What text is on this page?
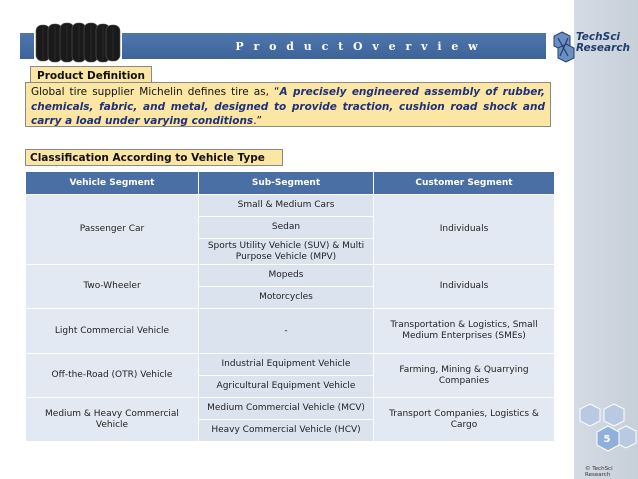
P r o d u c t O v e r v i e w
TechSci
Research
Product Definition
Global tire supplier Michelin defines tire as, “A precisely engineered assembly of rubber, chemicals, fabric, and metal, designed to provide traction, cushion road shock and carry a load under varying conditions.”
Classification According to Vehicle Type
Vehicle Segment	Sub-Segment	Customer Segment
Passenger Car	Small & Medium Cars	Individuals
	Sedan	
	Sports Utility Vehicle (SUV) & Multi Purpose Vehicle (MPV)	
Two-Wheeler	Mopeds	Individuals
	Motorcycles	
Light Commercial Vehicle	-	Transportation & Logistics, Small Medium Enterprises (SMEs)
Off-the-Road (OTR) Vehicle	Industrial Equipment Vehicle	Farming, Mining & Quarrying Companies
	Agricultural Equipment Vehicle	
Medium & Heavy Commercial Vehicle	Medium Commercial Vehicle (MCV)	Transport Companies, Logistics & Cargo
	Heavy Commercial Vehicle (HCV)	
5
© TechSci Research
